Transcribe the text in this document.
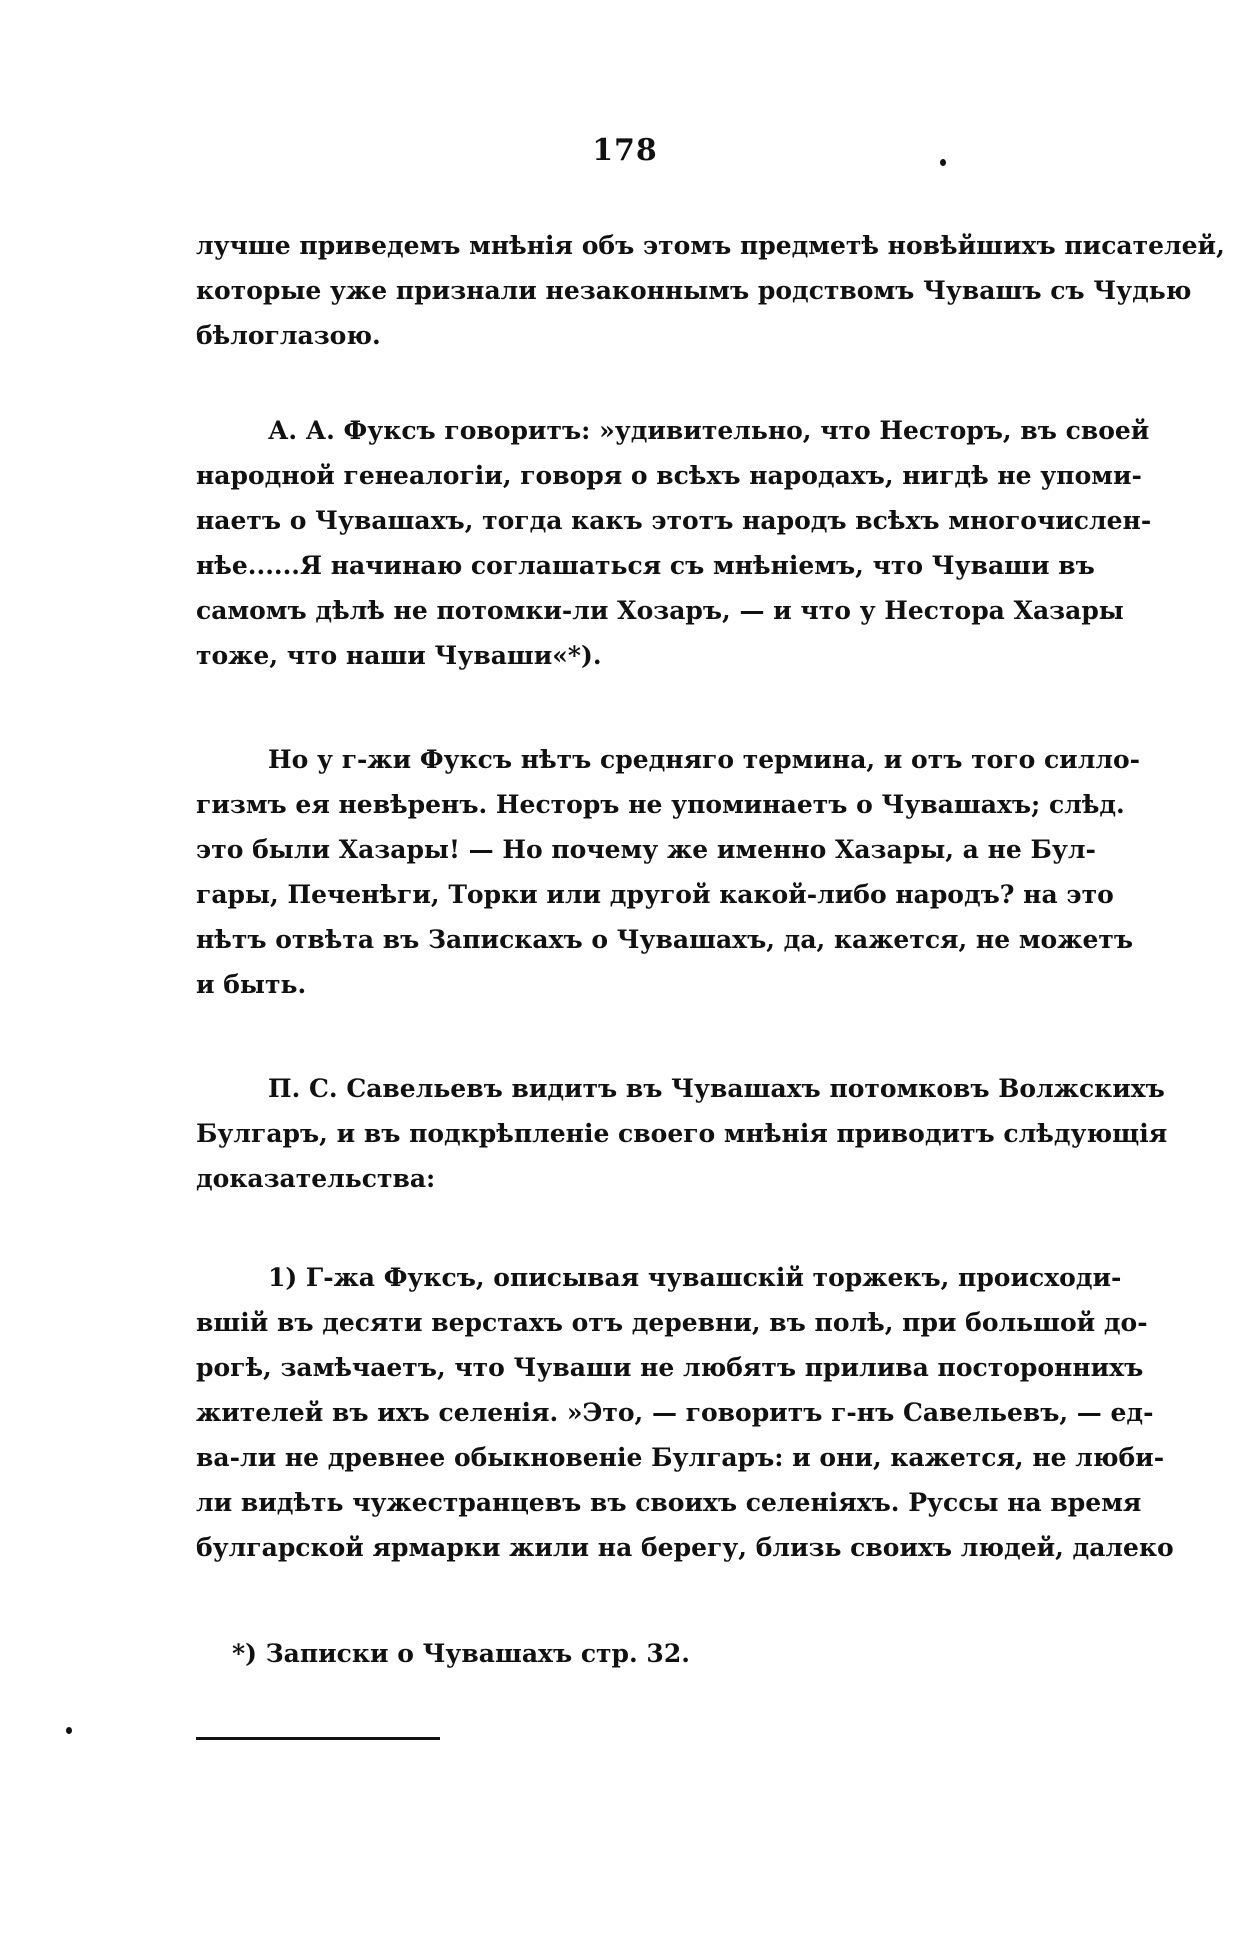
178
лучше приведемъ мнѣнія объ этомъ предметѣ новѣйшихъ писателей,
которые уже признали незаконнымъ родствомъ Чувашъ съ Чудью
бѣлоглазою.
А. А. Фуксъ говоритъ: »удивительно, что Несторъ, въ своей
народной генеалогіи, говоря о всѣхъ народахъ, нигдѣ не упоми-
наетъ о Чувашахъ, тогда какъ этотъ народъ всѣхъ многочислен-
нѣе......Я начинаю соглашаться съ мнѣніемъ, что Чуваши въ
самомъ дѣлѣ не потомки-ли Хозаръ, — и что у Нестора Хазары
тоже, что наши Чуваши«*).
Но у г-жи Фуксъ нѣтъ средняго термина, и отъ того силло-
гизмъ ея невѣренъ. Несторъ не упоминаетъ о Чувашахъ; слѣд.
это были Хазары! — Но почему же именно Хазары, а не Бул-
гары, Печенѣги, Торки или другой какой-либо народъ? на это
нѣтъ отвѣта въ Запискахъ о Чувашахъ, да, кажется, не можетъ
и быть.
П. С. Савельевъ видитъ въ Чувашахъ потомковъ Волжскихъ
Булгаръ, и въ подкрѣпленіе своего мнѣнія приводитъ слѣдующія
доказательства:
1) Г-жа Фуксъ, описывая чувашскій торжекъ, происходи-
вшій въ десяти верстахъ отъ деревни, въ полѣ, при большой до-
рогѣ, замѣчаетъ, что Чуваши не любятъ прилива постороннихъ
жителей въ ихъ селенія. »Это, — говоритъ г-нъ Савельевъ, — ед-
ва-ли не древнее обыкновеніе Булгаръ: и они, кажется, не люби-
ли видѣть чужестранцевъ въ своихъ селеніяхъ. Руссы на время
булгарской ярмарки жили на берегу, близь своихъ людей, далеко
*) Записки о Чувашахъ стр. 32.
